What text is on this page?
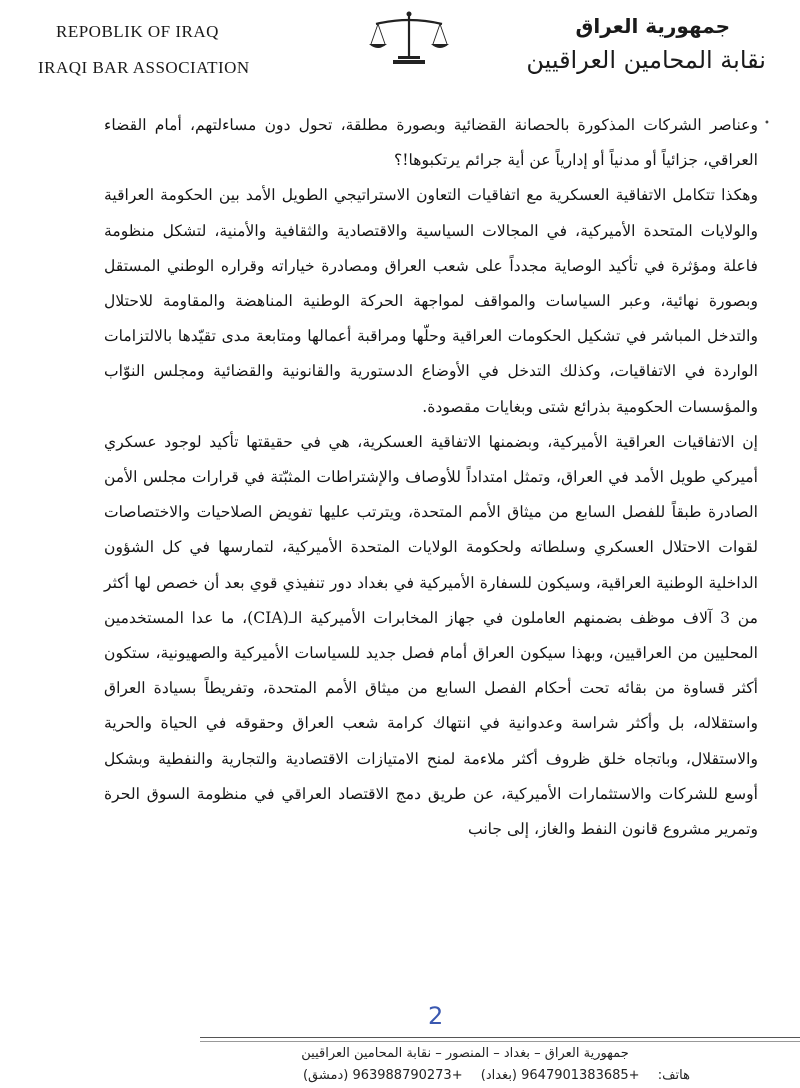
REPOBLIK OF IRAQ
IRAQI BAR ASSOCIATION
جمهورية العراق
نقابة المحامين العراقيين
•

وعناصر الشركات المذكورة بالحصانة القضائية وبصورة مطلقة، تحول دون مساءلتهم، أمام القضاء العراقي، جزائياً أو مدنياً أو إدارياً عن أية جرائم يرتكبوها!؟

وهكذا تتكامل الاتفاقية العسكرية مع اتفاقيات التعاون الاستراتيجي الطويل الأمد بين الحكومة العراقية والولايات المتحدة الأميركية، في المجالات السياسية والاقتصادية والثقافية والأمنية، لتشكل منظومة فاعلة ومؤثرة في تأكيد الوصاية مجدداً على شعب العراق ومصادرة خياراته وقراره الوطني المستقل وبصورة نهائية، وعبر السياسات والمواقف لمواجهة الحركة الوطنية المناهضة والمقاومة للاحتلال والتدخل المباشر في تشكيل الحكومات العراقية وحلّها ومراقبة أعمالها ومتابعة مدى تقيّدها بالالتزامات الواردة في الاتفاقيات، وكذلك التدخل في الأوضاع الدستورية والقانونية والقضائية ومجلس النوّاب والمؤسسات الحكومية بذرائع شتى وبغايات مقصودة.

إن الاتفاقيات العراقية الأميركية، وبضمنها الاتفاقية العسكرية، هي في حقيقتها تأكيد لوجود عسكري أميركي طويل الأمد في العراق، وتمثل امتداداً للأوصاف والإشتراطات المثبّتة في قرارات مجلس الأمن الصادرة طبقاً للفصل السابع من ميثاق الأمم المتحدة، ويترتب عليها تفويض الصلاحيات والاختصاصات لقوات الاحتلال العسكري وسلطاته ولحكومة الولايات المتحدة الأميركية، لتمارسها في كل الشؤون الداخلية الوطنية العراقية، وسيكون للسفارة الأميركية في بغداد دور تنفيذي قوي بعد أن خصص لها أكثر من 3 آلاف موظف بضمنهم العاملون في جهاز المخابرات الأميركية الـ(CIA)، ما عدا المستخدمين المحليين من العراقيين، وبهذا سيكون العراق أمام فصل جديد للسياسات الأميركية والصهيونية، ستكون أكثر قساوة من بقائه تحت أحكام الفصل السابع من ميثاق الأمم المتحدة، وتفريطاً بسيادة العراق واستقلاله، بل وأكثر شراسة وعدوانية في انتهاك كرامة شعب العراق وحقوقه في الحياة والحرية والاستقلال، وباتجاه خلق ظروف أكثر ملاءمة لمنح الامتيازات الاقتصادية والتجارية والنفطية وبشكل أوسع للشركات والاستثمارات الأميركية، عن طريق دمج الاقتصاد العراقي في منظومة السوق الحرة وتمرير مشروع قانون النفط والغاز، إلى جانب

2
جمهورية العراق – بغداد – المنصور – نقابة المحامين العراقيين
هاتف: +9647901383685 (بغداد) +963988790273 (دمشق)
